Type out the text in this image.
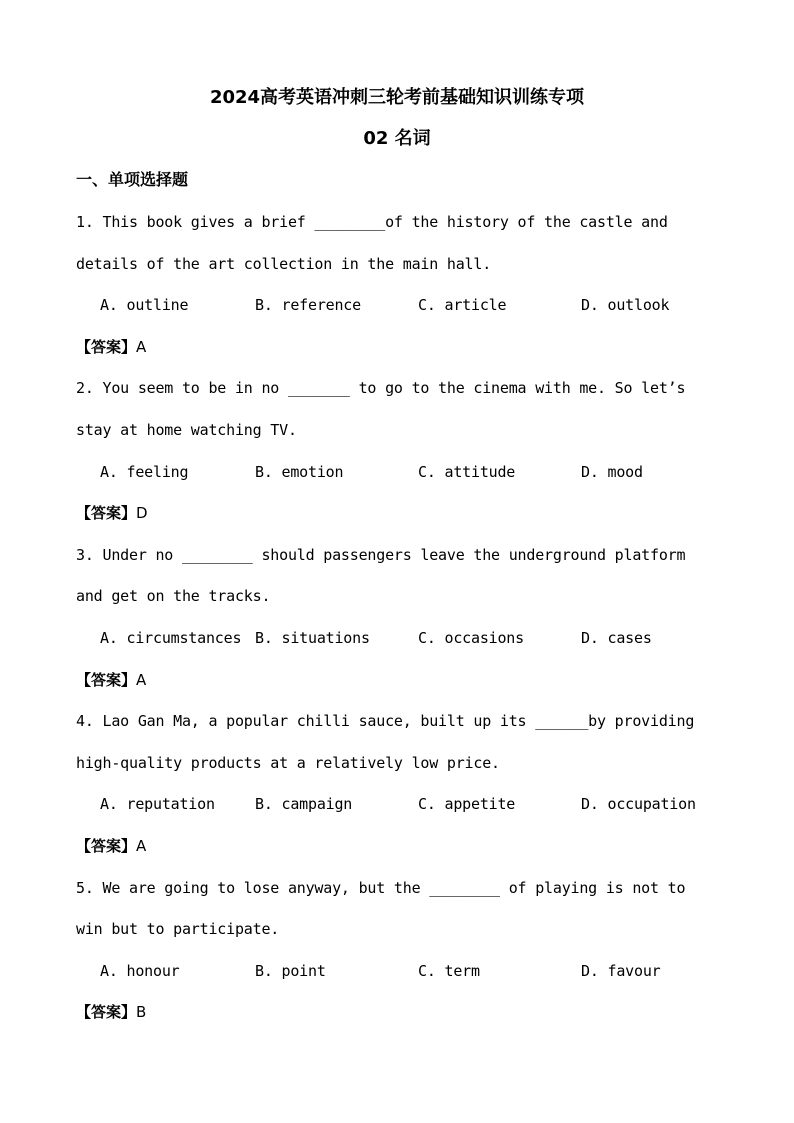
2024高考英语冲刺三轮考前基础知识训练专项
02 名词
一、单项选择题
1. This book gives a brief ________of the history of the castle and
details of the art collection in the main hall.
A. outline	B. reference	C. article	D. outlook
【答案】A
2. You seem to be in no _______ to go to the cinema with me. So let’s
stay at home watching TV.
A. feeling	B. emotion	C. attitude	D. mood
【答案】D
3. Under no ________ should passengers leave the underground platform
and get on the tracks.
A. circumstances B. situations	C. occasions	D. cases
【答案】A
4. Lao Gan Ma, a popular chilli sauce, built up its ______by providing
high-quality products at a relatively low price.
A. reputation	B. campaign	C. appetite	D. occupation
【答案】A
5. We are going to lose anyway, but the ________ of playing is not to
win but to participate.
A. honour	B. point	C. term	D. favour
【答案】B
